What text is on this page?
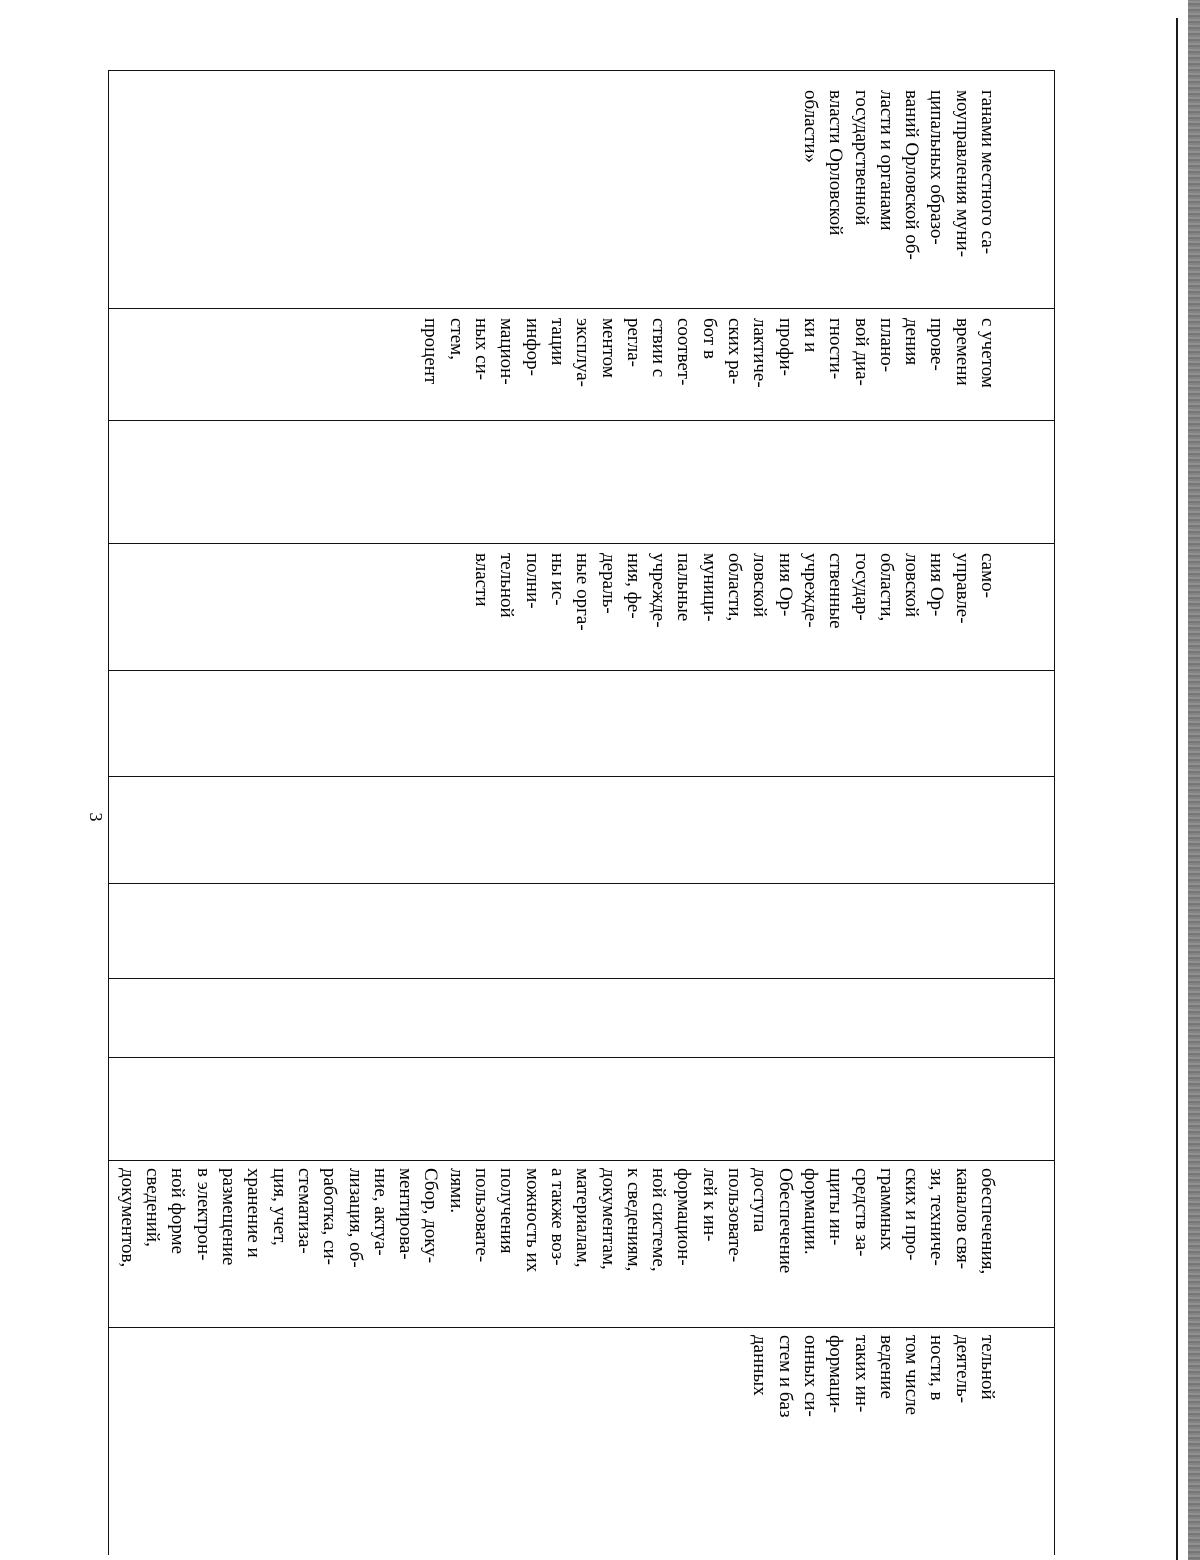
3
ганами местного са-
моуправления муни-
ципальных образо-
ваний Орловской об-
ласти и органами
государственной
власти Орловской
области»
с учетом
времени
прове-
дения
плано-
вой диа-
гности-
ки и
профи-
лактиче-
ских ра-
бот в
соответ-
ствии с
регла-
ментом
эксплуа-
тации
инфор-
мацион-
ных си-
стем,
процент
само-
управле-
ния Ор-
ловской
области,
государ-
ственные
учрежде-
ния Ор-
ловской
области,
муници-
пальные
учрежде-
ния, фе-
дераль-
ные орга-
ны ис-
полни-
тельной
власти
обеспечения,
каналов свя-
зи, техниче-
ских и про-
граммных
средств за-
щиты ин-
формации.
Обеспечение
доступа
пользовате-
лей к ин-
формацион-
ной системе,
к сведениям,
документам,
материалам,
а также воз-
можность их
получения
пользовате-
лями.
Сбор, доку-
ментирова-
ние, актуа-
лизация, об-
работка, си-
стематиза-
ция, учет,
хранение и
размещение
в электрон-
ной форме
сведений,
документов,
тельной
деятель-
ности, в
том числе
ведение
таких ин-
формаци-
онных си-
стем и баз
данных
